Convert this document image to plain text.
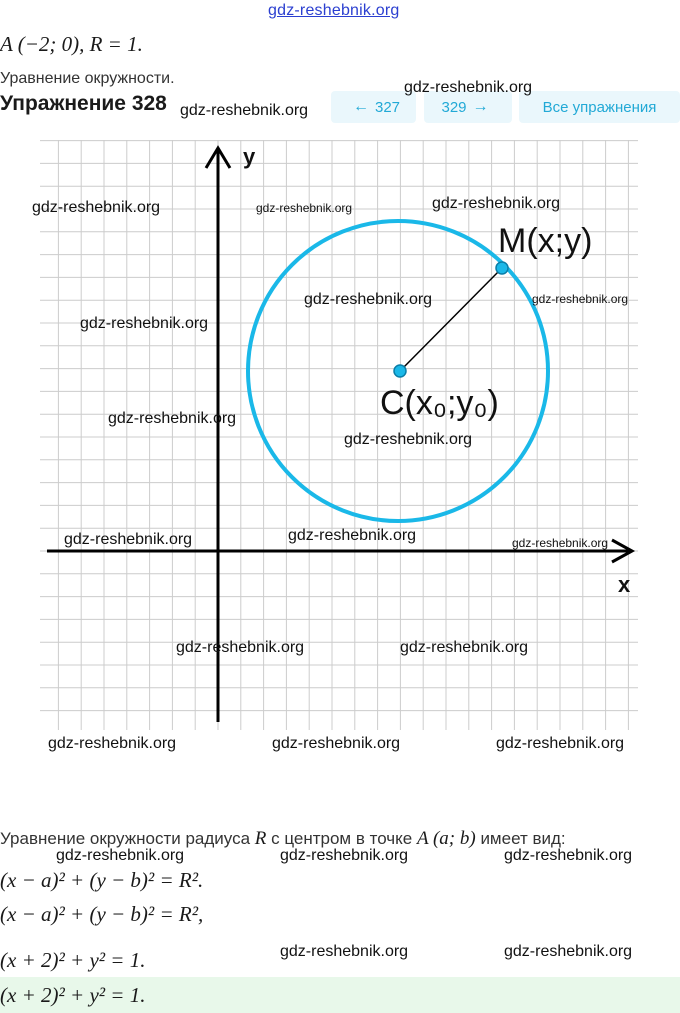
gdz-reshebnik.org
A (−2; 0), R = 1.
Уравнение окружности.
Упражнение 328	← 327	329 →	Все упражнения
y
x
M(x;y)
C(x₀;y₀)
gdz-reshebnik.org	gdz-reshebnik.org	gdz-reshebnik.org
gdz-reshebnik.org
gdz-reshebnik.org
gdz-reshebnik.org	gdz-reshebnik.org
gdz-reshebnik.org
gdz-reshebnik.org
gdz-reshebnik.org
gdz-reshebnik.org	gdz-reshebnik.org	gdz-reshebnik.org
gdz-reshebnik.org	gdz-reshebnik.org
gdz-reshebnik.org	gdz-reshebnik.org	gdz-reshebnik.org
Уравнение окружности радиуса R с центром в точке A (a; b) имеет вид:
gdz-reshebnik.org	gdz-reshebnik.org	gdz-reshebnik.org
(x − a)² + (y − b)² = R².
(x − a)² + (y − b)² = R²,
(x + 2)² + y² = 1.	gdz-reshebnik.org	gdz-reshebnik.org
(x + 2)² + y² = 1.
